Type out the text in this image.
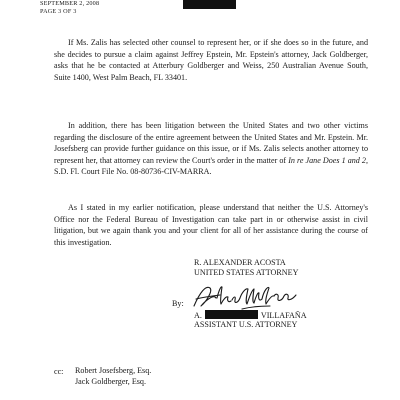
SEPTEMBER 2, 2008
PAGE 3 OF 3
If Ms. Zalis has selected other counsel to represent her, or if she does so in the future, and she decides to pursue a claim against Jeffrey Epstein, Mr. Epstein's attorney, Jack Goldberger, asks that he be contacted at Atterbury Goldberger and Weiss, 250 Australian Avenue South, Suite 1400, West Palm Beach, FL 33401.
In addition, there has been litigation between the United States and two other victims regarding the disclosure of the entire agreement between the United States and Mr. Epstein. Mr. Josefsberg can provide further guidance on this issue, or if Ms. Zalis selects another attorney to represent her, that attorney can review the Court's order in the matter of In re Jane Does 1 and 2, S.D. Fl. Court File No. 08-80736-CIV-MARRA.
As I stated in my earlier notification, please understand that neither the U.S. Attorney's Office nor the Federal Bureau of Investigation can take part in or otherwise assist in civil litigation, but we again thank you and your client for all of her assistance during the course of this investigation.
R. ALEXANDER ACOSTA
UNITED STATES ATTORNEY
By:
A.	VILLAFAÑA
ASSISTANT U.S. ATTORNEY
cc: Robert Josefsberg, Esq.
Jack Goldberger, Esq.
